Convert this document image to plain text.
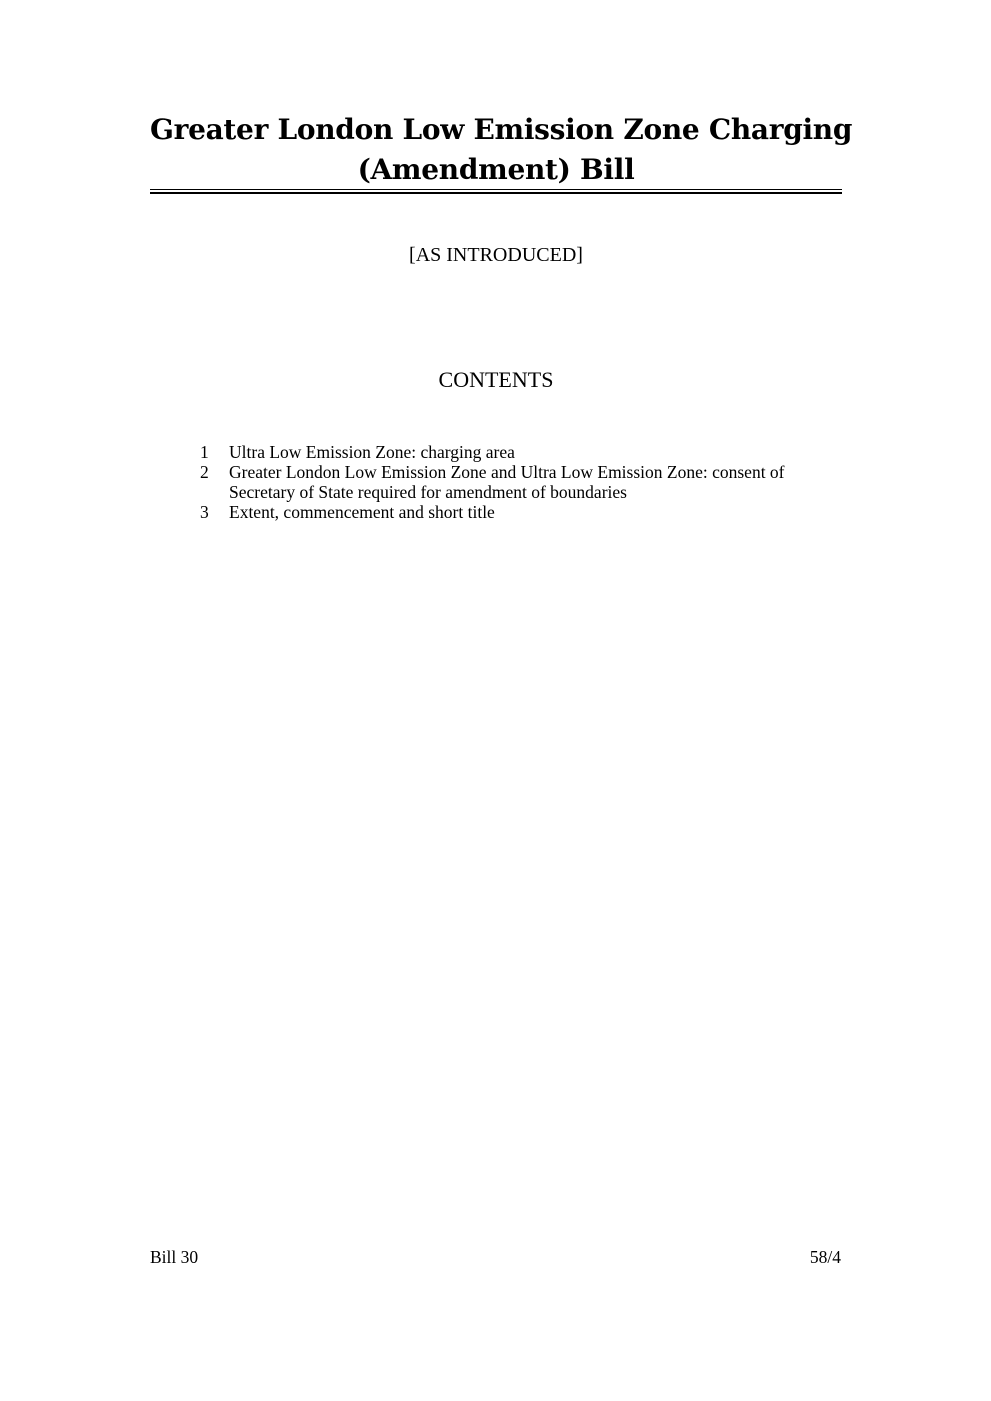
Greater London Low Emission Zone Charging
(Amendment) Bill
[AS INTRODUCED]
CONTENTS
1	Ultra Low Emission Zone: charging area
2	Greater London Low Emission Zone and Ultra Low Emission Zone: consent of Secretary of State required for amendment of boundaries
3	Extent, commencement and short title
Bill 30	58/4
